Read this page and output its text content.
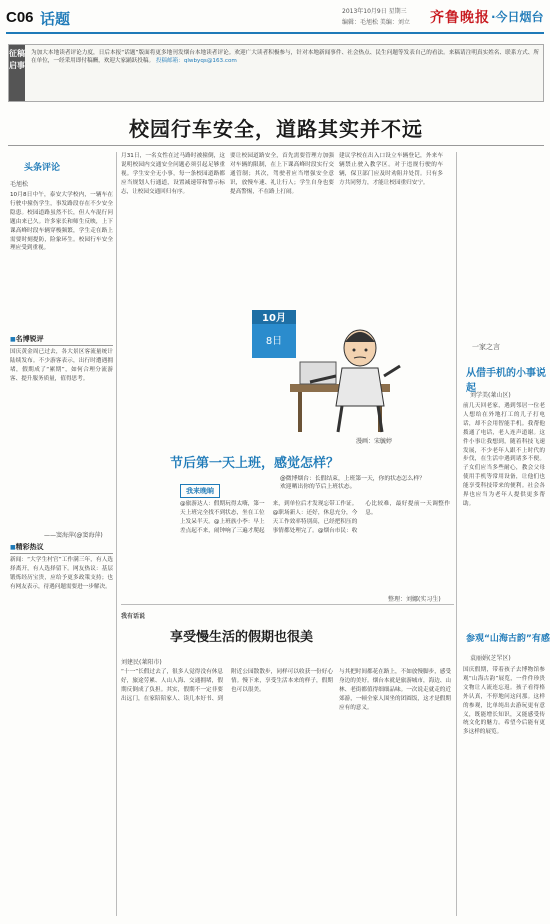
C06 话题	2013年10月9日 星期三
编辑：毛旭松 美编：刘立 齐鲁晚报 ·今日烟台
征稿启事
为加大本地读者评论力度，日后本报“话题”版面将更多地刊发烟台本地读者评论。欢迎广大读者积极参与，针对本地新闻事件、社会热点、民生问题等发表自己的看法。来稿请注明真实姓名、联系方式、所在单位，一经采用即付稿酬，欢迎大家踊跃投稿。 投稿邮箱：qlwbyqs@163.com
校园行车安全，道路其实并不远
头条评论
毛旭松
10月8日中午，泰安大学校内，一辆车在行驶中撞伤学生，事发路段存在不少安全隐患。校园道路虽然不长，但人车混行问题由来已久。许多家长和师生反映，上下课高峰时段车辆穿梭频繁，学生走在路上需要时刻提防，险象环生。校园行车安全理应受到重视。
■ 名博锐评
国庆黄金周已过去，各大景区客流量统计陆续发布。不少游客表示，出行时遭遇拥堵，假期成了“累期”，如何合理分流游客、提升服务质量，值得思考。
——窦海萍(@窦海萍)
■ 精彩热议
新闻：“大学生村官”工作满三年，有人选择离开，有人选择留下。网友热议：基层锻炼经历宝贵，应给予更多政策支持；也有网友表示，待遇问题需要进一步解决。
月31日，一名女性在过马路时被撞倒，这说明校园内交通安全问题必须引起足够重视。学生安全无小事，每一条校园道路都应当规划人行通道，设置减速带和警示标志，让校园交通回归有序。
要让校园道路安全，首先需要管理方加强对车辆的限制，在上下课高峰时段实行交通管制；其次，驾驶者应当增强安全意识，放慢车速、礼让行人；学生自身也要提高警惕，不在路上打闹。
建议学校在出入口设立车辆登记，外来车辆禁止驶入教学区。对于违规行驶的车辆，保卫部门应及时劝阻并处罚。只有多方共同努力，才能让校园重归安宁。
10月
8日
漫画：宋毓婷
节后第一天上班，感觉怎样？
@微博烟台：长假结束，上班第一天，你的状态怎么样？
欢迎晒出你的节后上班状态。
我来晚晌
@旅游达人：假期玩得太嗨，第一天上班完全找不到状态，坐在工位上发呆半天。@上班族小李：早上差点起不来，闹钟响了三遍才爬起来，到单位后才发现忘带工作证。@职场新人：还好，休息充分，今天工作效率特别高，已经把积压的事情都处理完了。@烟台市民：收心比较难，最好提前一天调整作息。
整理：刘娜(实习生)
我有话说
享受慢生活的假期也很美
刘建民(莱阳市)
“十一”长假过去了，很多人觉得没有休息好，旅途劳累、人山人海、交通拥堵，假期反倒成了负担。其实，假期不一定非要出远门，在家陪陪家人、读几本好书、到附近公园散散步，同样可以收获一份好心情。慢下来，享受生活本来的样子，假期也可以很美。
与其把时间都花在路上，不如放慢脚步，感受身边的美好。烟台本就是旅游城市，海边、山林、老街都值得细细品味。一次说走就走的近郊游，一顿全家人围坐的团圆饭，这才是假期应有的意义。
一家之言
从借手机的小事说起
刘学美(莱山区)
前几天回老家，遇到邻居一位老人想给在外地打工的儿子打电话，却不会用智能手机。我帮他拨通了电话，老人连声道谢。这件小事让我想到，随着科技飞速发展，不少老年人跟不上时代的步伐，在生活中遇到诸多不便。子女们应当多些耐心，教会父母使用手机等常用设备，让他们也能享受科技带来的便利。社会各界也应当为老年人提供更多帮助。
参观“山海古韵”有感
袁丽娟(芝罘区)
国庆假期，带着孩子去博物馆参观“山海古韵”展览，一件件珍贵文物让人流连忘返。孩子看得格外认真，不停地问这问那。这样的参观，比单纯出去游玩更有意义，既能增长知识，又能感受传统文化的魅力。希望今后能有更多这样的展览。
